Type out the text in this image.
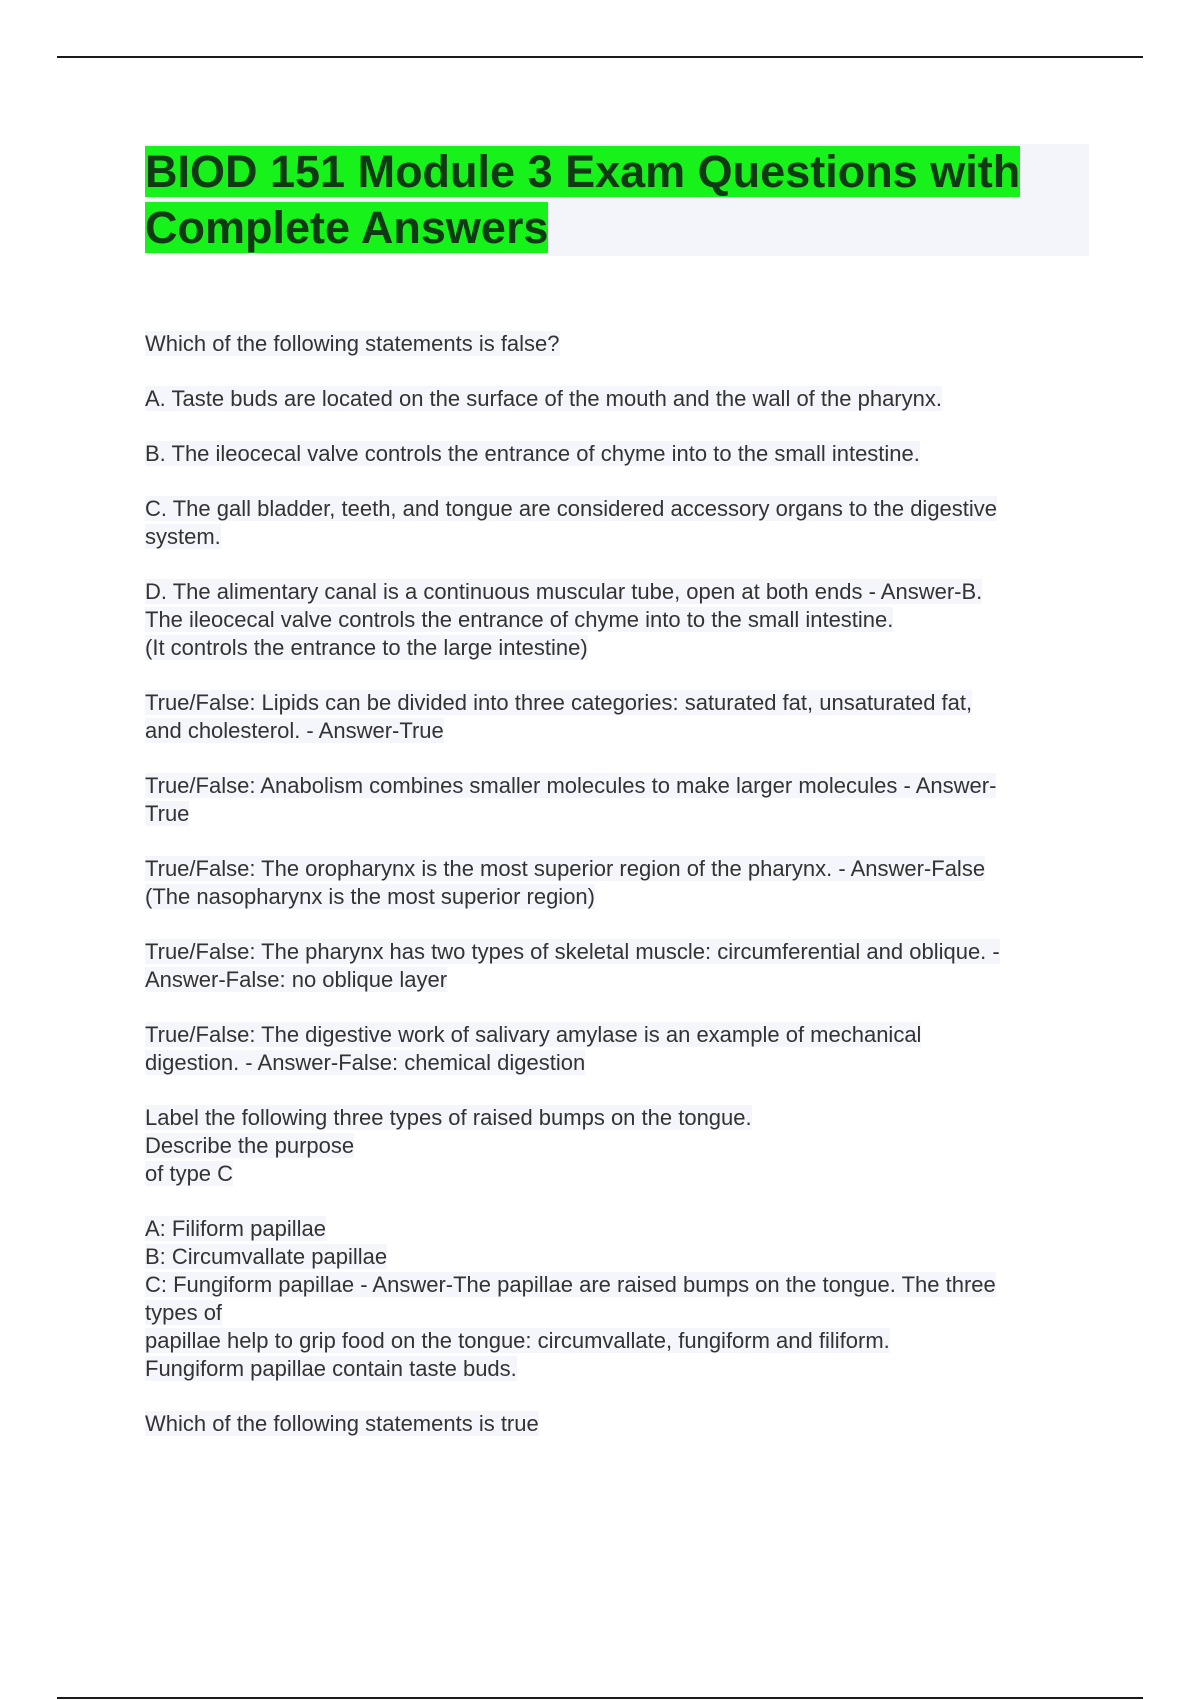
BIOD 151 Module 3 Exam Questions with Complete Answers

Which of the following statements is false?

A. Taste buds are located on the surface of the mouth and the wall of the pharynx.

B. The ileocecal valve controls the entrance of chyme into to the small intestine.

C. The gall bladder, teeth, and tongue are considered accessory organs to the digestive
system.

D. The alimentary canal is a continuous muscular tube, open at both ends - Answer-B.
The ileocecal valve controls the entrance of chyme into to the small intestine.
(It controls the entrance to the large intestine)

True/False: Lipids can be divided into three categories: saturated fat, unsaturated fat,
and cholesterol. - Answer-True

True/False: Anabolism combines smaller molecules to make larger molecules - Answer-
True

True/False: The oropharynx is the most superior region of the pharynx. - Answer-False
(The nasopharynx is the most superior region)

True/False: The pharynx has two types of skeletal muscle: circumferential and oblique. -
Answer-False: no oblique layer

True/False: The digestive work of salivary amylase is an example of mechanical
digestion. - Answer-False: chemical digestion

Label the following three types of raised bumps on the tongue.
Describe the purpose
of type C

A: Filiform papillae
B: Circumvallate papillae
C: Fungiform papillae - Answer-The papillae are raised bumps on the tongue. The three
types of
papillae help to grip food on the tongue: circumvallate, fungiform and filiform.
Fungiform papillae contain taste buds.

Which of the following statements is true
